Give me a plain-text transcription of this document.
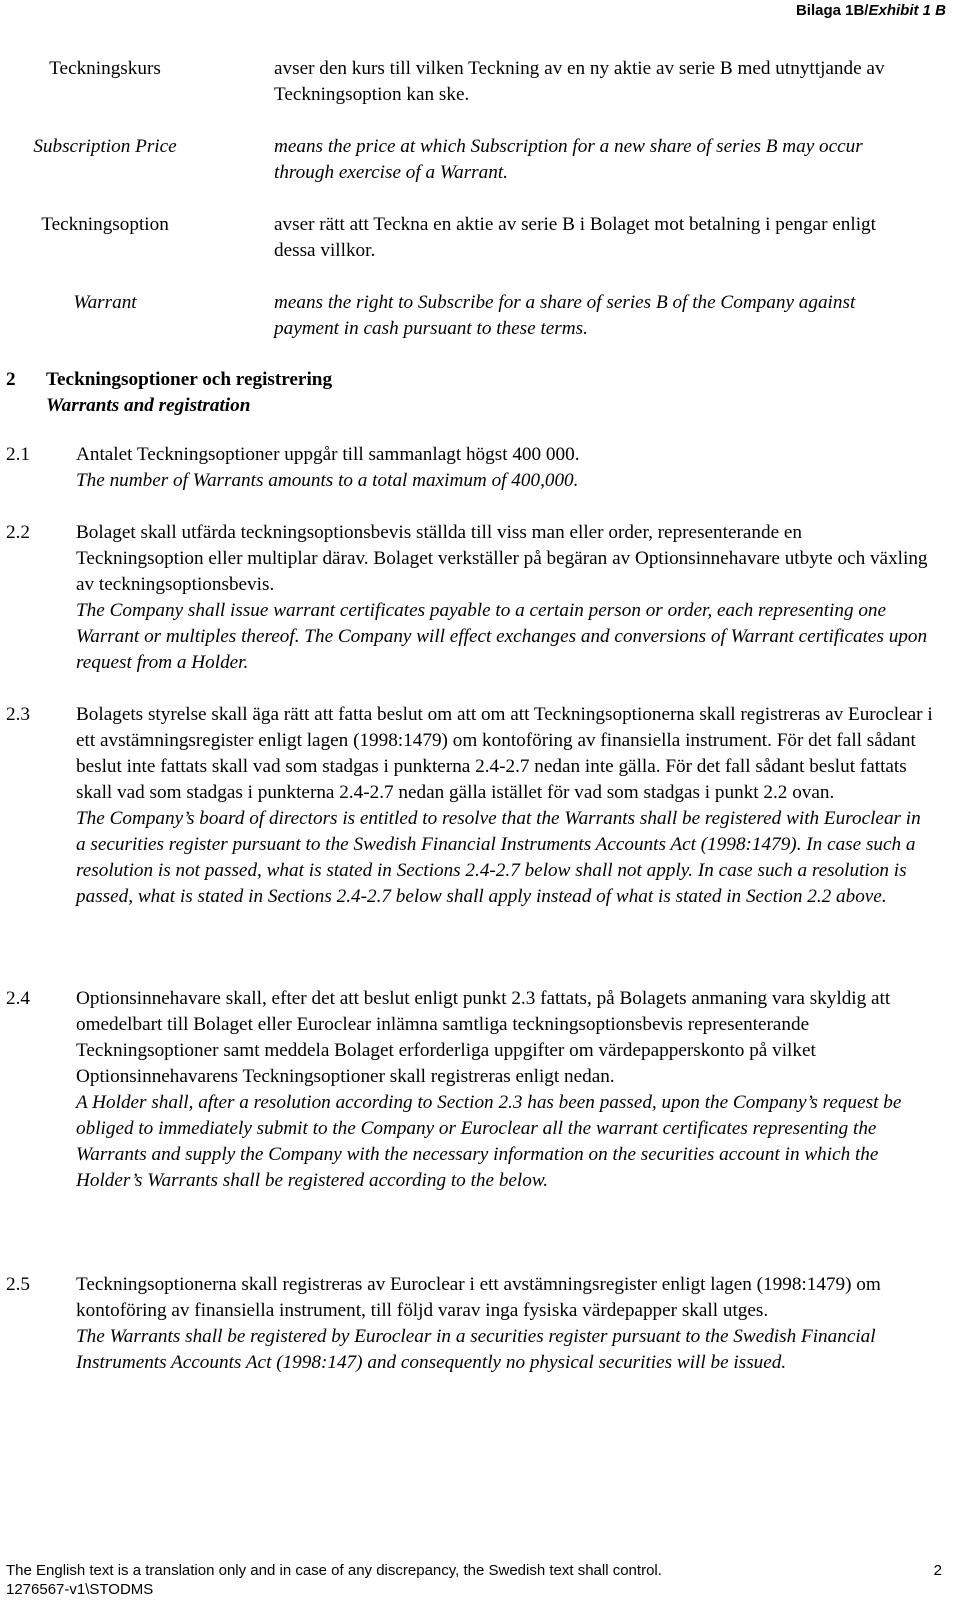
Bilaga 1B/Exhibit 1 B
Teckningskurs	avser den kurs till vilken Teckning av en ny aktie av serie B med utnyttjande av Teckningsoption kan ske.

Subscription Price	means the price at which Subscription for a new share of series B may occur through exercise of a Warrant.

Teckningsoption	avser rätt att Teckna en aktie av serie B i Bolaget mot betalning i pengar enligt dessa villkor.

Warrant	means the right to Subscribe for a share of series B of the Company against payment in cash pursuant to these terms.

2 Teckningsoptioner och registrering
Warrants and registration
2.1 Antalet Teckningsoptioner uppgår till sammanlagt högst 400 000.

The number of Warrants amounts to a total maximum of 400,000.

2.2 Bolaget skall utfärda teckningsoptionsbevis ställda till viss man eller order, representerande en Teckningsoption eller multiplar därav. Bolaget verkställer på begäran av Optionsinnehavare utbyte och växling av teckningsoptionsbevis.

The Company shall issue warrant certificates payable to a certain person or order, each representing one Warrant or multiples thereof. The Company will effect exchanges and conversions of Warrant certificates upon request from a Holder.

2.3 Bolagets styrelse skall äga rätt att fatta beslut om att om att Teckningsoptionerna skall registreras av Euroclear i ett avstämningsregister enligt lagen (1998:1479) om kontoföring av finansiella instrument. För det fall sådant beslut inte fattats skall vad som stadgas i punkterna 2.4-2.7 nedan inte gälla. För det fall sådant beslut fattats skall vad som stadgas i punkterna 2.4-2.7 nedan gälla istället för vad som stadgas i punkt 2.2 ovan.

The Company’s board of directors is entitled to resolve that the Warrants shall be registered with Euroclear in a securities register pursuant to the Swedish Financial Instruments Accounts Act (1998:1479). In case such a resolution is not passed, what is stated in Sections 2.4-2.7 below shall not apply. In case such a resolution is passed, what is stated in Sections 2.4-2.7 below shall apply instead of what is stated in Section 2.2 above.

2.4 Optionsinnehavare skall, efter det att beslut enligt punkt 2.3 fattats, på Bolagets anmaning vara skyldig att omedelbart till Bolaget eller Euroclear inlämna samtliga teckningsoptionsbevis representerande Teckningsoptioner samt meddela Bolaget erforderliga uppgifter om värdepapperskonto på vilket Optionsinnehavarens Teckningsoptioner skall registreras enligt nedan.

A Holder shall, after a resolution according to Section 2.3 has been passed, upon the Company’s request be obliged to immediately submit to the Company or Euroclear all the warrant certificates representing the Warrants and supply the Company with the necessary information on the securities account in which the Holder’s Warrants shall be registered according to the below.

2.5 Teckningsoptionerna skall registreras av Euroclear i ett avstämningsregister enligt lagen (1998:1479) om kontoföring av finansiella instrument, till följd varav inga fysiska värdepapper skall utges.

The Warrants shall be registered by Euroclear in a securities register pursuant to the Swedish Financial Instruments Accounts Act (1998:147) and consequently no physical securities will be issued.

The English text is a translation only and in case of any discrepancy, the Swedish text shall control.	2
1276567-v1\STODMS
